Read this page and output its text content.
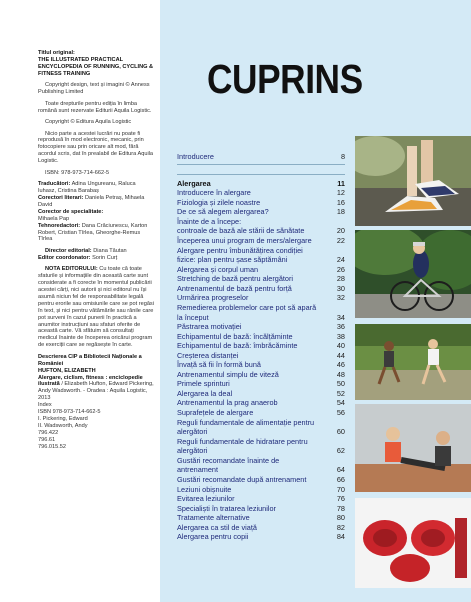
Titlul original:
THE ILLUSTRATED PRACTICAL ENCYCLOPEDIA OF RUNNING, CYCLING & FITNESS TRAINING

Copyright design, text și imagini © Anness Publishing Limited

Toate drepturile pentru ediția în limba română sunt rezervate Editurii Aquila Logistic.

Copyright © Editura Aquila Logistic

Nicio parte a acestei lucrări nu poate fi reprodusă în mod electronic, mecanic, prin fotocopiere sau prin oricare alt mod, fără acordul scris, dat în prealabil de Editura Aquila Logistic.

ISBN: 978-973-714-662-5

Traducători: Adina Ungureanu, Raluca Iuhasz, Cristina Barabaș
Corectori literari: Daniela Petraș, Mihaela David
Corector de specialitate:
Mihaela Pap
Tehnoredactori: Dana Crăciunescu, Karton Robert, Cristian Tîrlea, Gheorghe-Remus Tîrlea

Director editorial: Diana Tăutan
Editor coordonator: Sorin Curț

NOTA EDITORULUI: Cu toate că toate sfaturile și informațiile din această carte sunt considerate a fi corecte în momentul publicării acestei cărți, nici autorii și nici editorul nu își asumă niciun fel de responsabilitate legală pentru erorile sau omisiunile care se pot regăsi în text, și nici pentru vătămările sau rănile care pot surveni în cazul punerii în practică a anumitor instrucțiuni sau sfaturi oferite de această carte. Vă sfătuim să consultați medicul înainte de începerea oricărui program de exerciții care se regăsește în carte.

Descrierea CIP a Bibliotecii Naționale a României
HUFTON, ELIZABETH
Alergare, ciclism, fitness : enciclopedie ilustrată / Elizabeth Hufton, Edward Pickering, Andy Wadsworth. - Oradea : Aquila Logistic, 2013
Index
ISBN 978-973-714-662-5
I. Pickering, Edward
II. Wadsworth, Andy
796.422
796.61
796.015.52

CUPRINS
Introducere	8
Alergarea	11
Introducere în alergare	12
Fiziologia și zilele noastre	16
De ce să alegem alergarea?	18
Înainte de a începe:
controale de bază ale stării de sănătate	20
Începerea unui program de mers/alergare	22
Alergare pentru îmbunătățirea condiției
fizice: plan pentru șase săptămâni	24
Alergarea și corpul uman	26
Stretching de bază pentru alergători	28
Antrenamentul de bază pentru forță	30
Urmărirea progreselor	32
Remedierea problemelor care pot să apară
la început	34
Păstrarea motivației	36
Echipamentul de bază: încălțăminte	38
Echipamentul de bază: îmbrăcăminte	40
Creșterea distanței	44
Învață să fii în formă bună	46
Antrenamentul simplu de viteză	48
Primele sprinturi	50
Alergarea la deal	52
Antrenamentul la prag anaerob	54
Suprafețele de alergare	56
Reguli fundamentale de alimentație pentru
alergători	60
Reguli fundamentale de hidratare pentru
alergători	62
Gustări recomandate înainte de
antrenament	64
Gustări recomandate după antrenament	66
Leziuni obișnuite	70
Evitarea leziunilor	76
Specialiști în tratarea leziunilor	78
Tratamente alternative	80
Alergarea ca stil de viață	82
Alergarea pentru copii	84
